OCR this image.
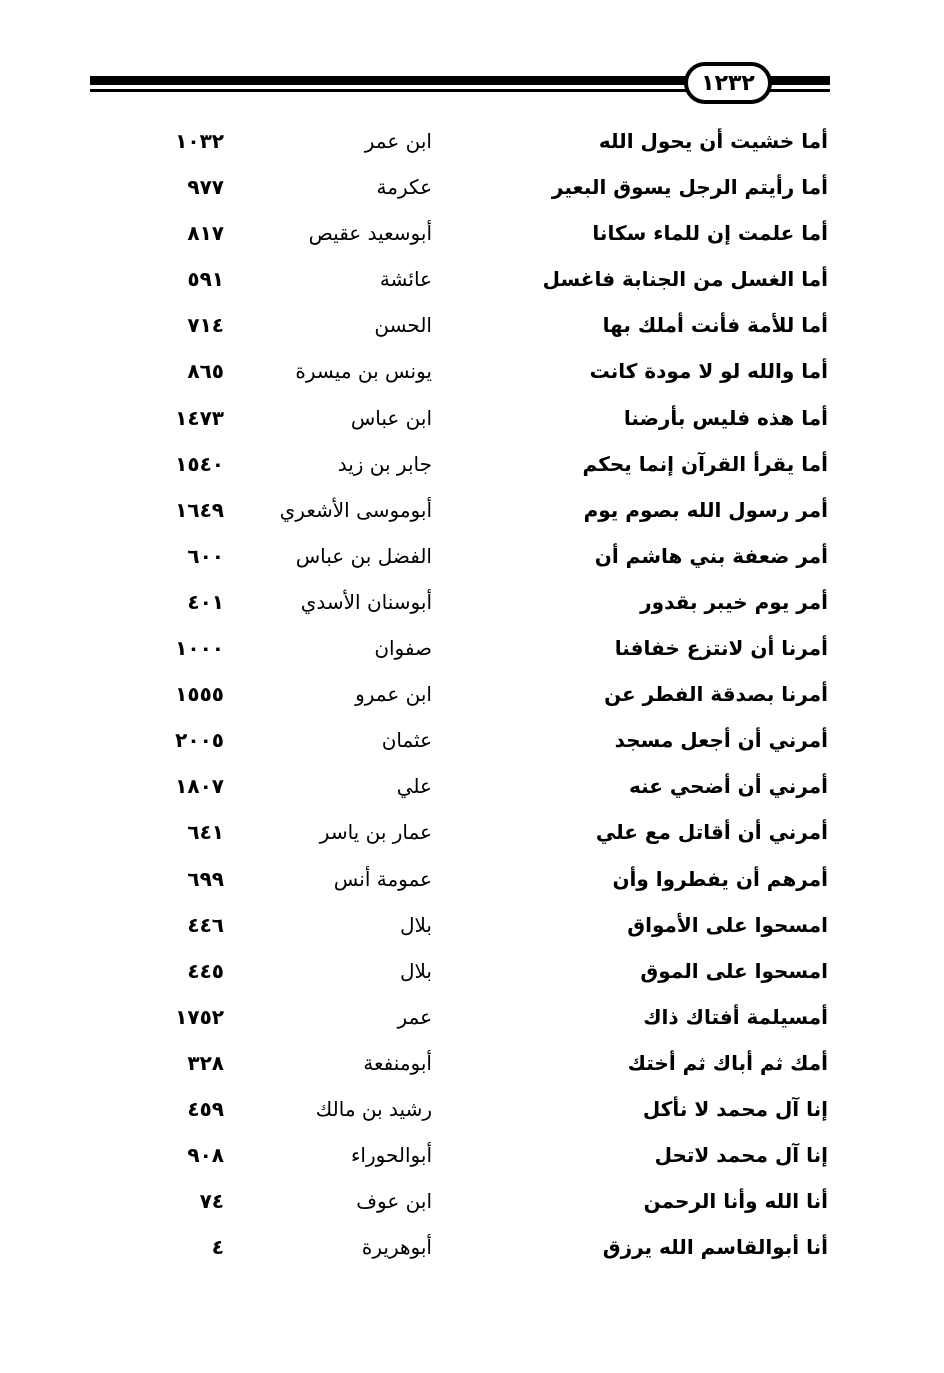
١٢٣٢
أما خشيت أن يحول الله
ابن عمر
١٠٣٢
أما رأيتم الرجل يسوق البعير
عكرمة
٩٧٧
أما علمت إن للماء سكانا
أبوسعيد عقيص
٨١٧
أما الغسل من الجنابة فاغسل
عائشة
٥٩١
أما للأمة فأنت أملك بها
الحسن
٧١٤
أما والله لو لا مودة كانت
يونس بن ميسرة
٨٦٥
أما هذه فليس بأرضنا
ابن عباس
١٤٧٣
أما يقرأ القرآن إنما يحكم
جابر بن زيد
١٥٤٠
أمر رسول الله بصوم يوم
أبوموسى الأشعري
١٦٤٩
أمر ضعفة بني هاشم أن
الفضل بن عباس
٦٠٠
أمر يوم خيبر بقدور
أبوسنان الأسدي
٤٠١
أمرنا أن لانتزع خفافنا
صفوان
١٠٠٠
أمرنا بصدقة الفطر عن
ابن عمرو
١٥٥٥
أمرني أن أجعل مسجد
عثمان
٢٠٠٥
أمرني أن أضحي عنه
علي
١٨٠٧
أمرني أن أقاتل مع علي
عمار بن ياسر
٦٤١
أمرهم أن يفطروا وأن
عمومة أنس
٦٩٩
امسحوا على الأمواق
بلال
٤٤٦
امسحوا على الموق
بلال
٤٤٥
أمسيلمة أفتاك ذاك
عمر
١٧٥٢
أمك ثم أباك ثم أختك
أبومنفعة
٣٢٨
إنا آل محمد لا نأكل
رشيد بن مالك
٤٥٩
إنا آل محمد لاتحل
أبوالحوراء
٩٠٨
أنا الله وأنا الرحمن
ابن عوف
٧٤
أنا أبوالقاسم الله يرزق
أبوهريرة
٤
